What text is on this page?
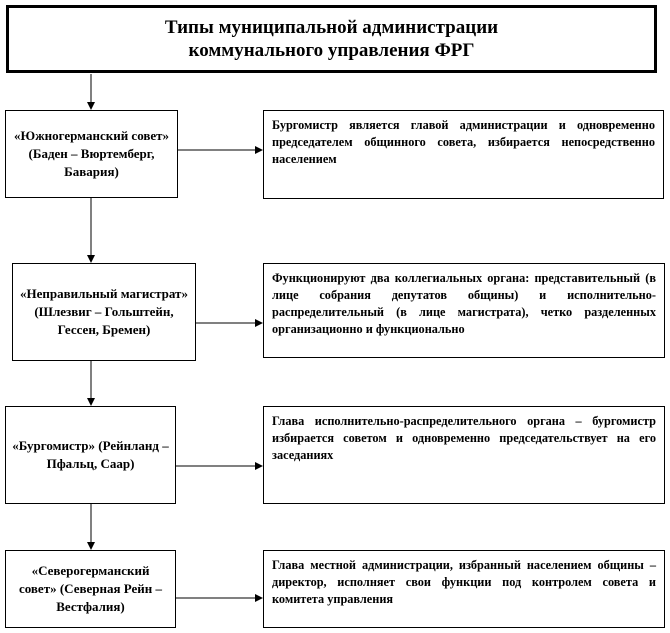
Типы муниципальной администрации
коммунального управления ФРГ
«Южногерманский совет» (Баден – Вюртемберг, Бавария)
Бургомистр является главой администрации и одновременно председателем общинного совета, избирается непосредственно населением
«Неправильный магистрат» (Шлезвиг – Гольштейн, Гессен, Бремен)
Функционируют два коллегиальных органа: представительный (в лице собрания депутатов общины) и исполнительно-распределительный (в лице магистрата), четко разделенных организационно и функционально
«Бургомистр» (Рейнланд – Пфальц, Саар)
Глава исполнительно-распределительного органа – бургомистр избирается советом и одновременно председательствует на его заседаниях
«Северогерманский совет» (Северная Рейн – Вестфалия)
Глава местной администрации, избранный населением общины – директор, исполняет свои функции под контролем совета и комитета управления
